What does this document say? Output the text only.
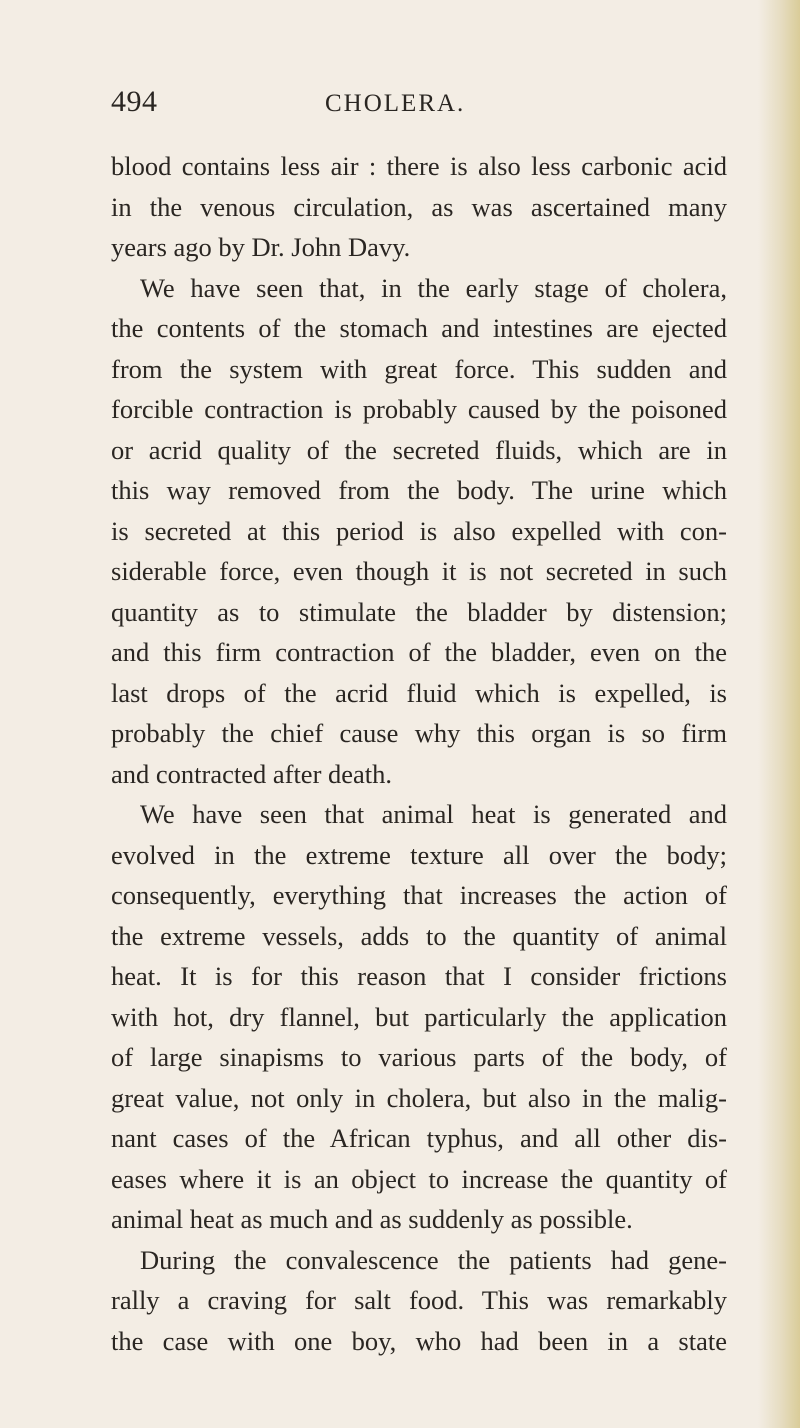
494	CHOLERA.
blood contains less air : there is also less carbonic acid
in the venous circulation, as was ascertained many
years ago by Dr. John Davy.
We have seen that, in the early stage of cholera,
the contents of the stomach and intestines are ejected
from the system with great force. This sudden and
forcible contraction is probably caused by the poisoned
or acrid quality of the secreted fluids, which are in
this way removed from the body. The urine which
is secreted at this period is also expelled with con-
siderable force, even though it is not secreted in such
quantity as to stimulate the bladder by distension;
and this firm contraction of the bladder, even on the
last drops of the acrid fluid which is expelled, is
probably the chief cause why this organ is so firm
and contracted after death.
We have seen that animal heat is generated and
evolved in the extreme texture all over the body;
consequently, everything that increases the action of
the extreme vessels, adds to the quantity of animal
heat. It is for this reason that I consider frictions
with hot, dry flannel, but particularly the application
of large sinapisms to various parts of the body, of
great value, not only in cholera, but also in the malig-
nant cases of the African typhus, and all other dis-
eases where it is an object to increase the quantity of
animal heat as much and as suddenly as possible.
During the convalescence the patients had gene-
rally a craving for salt food. This was remarkably
the case with one boy, who had been in a state
